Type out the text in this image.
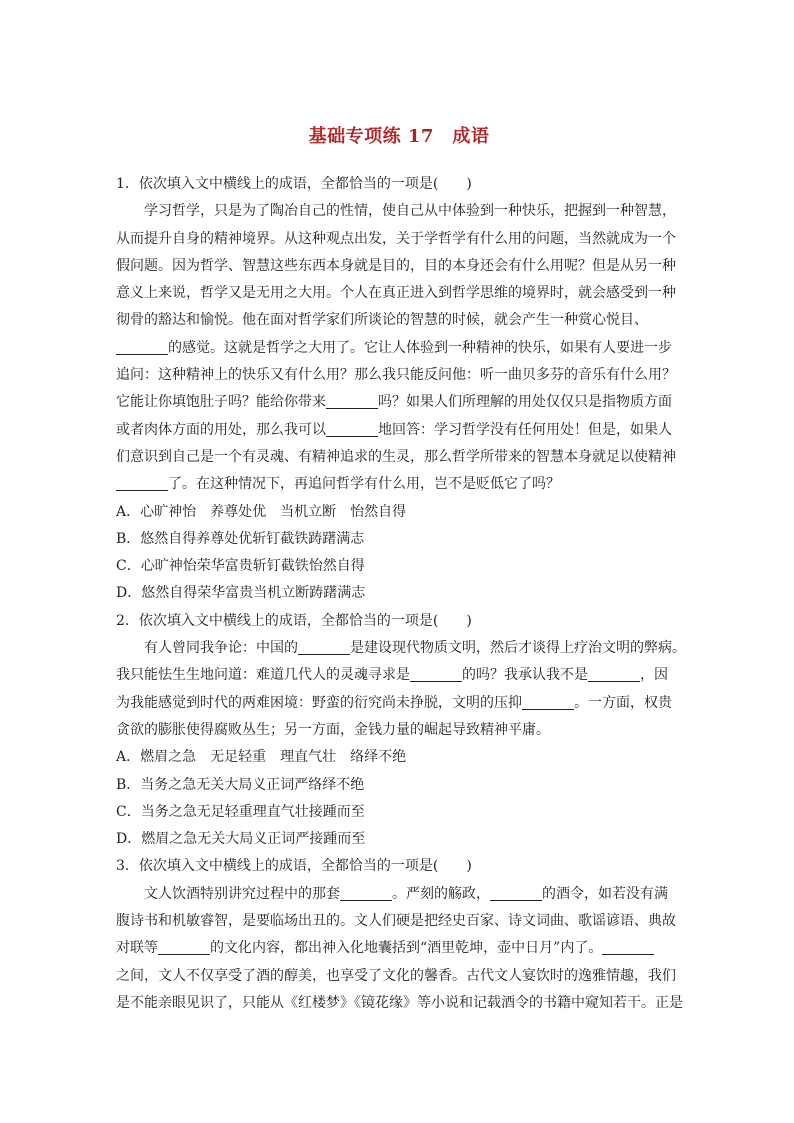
基础专项练 17　成语
1．依次填入文中横线上的成语，全都恰当的一项是( )
学习哲学，只是为了陶冶自己的性情，使自己从中体验到一种快乐，把握到一种智慧，
从而提升自身的精神境界。从这种观点出发，关于学哲学有什么用的问题，当然就成为一个
假问题。因为哲学、智慧这些东西本身就是目的，目的本身还会有什么用呢？但是从另一种
意义上来说，哲学又是无用之大用。个人在真正进入到哲学思维的境界时，就会感受到一种
彻骨的豁达和愉悦。他在面对哲学家们所谈论的智慧的时候，就会产生一种赏心悦目、
的感觉。这就是哲学之大用了。它让人体验到一种精神的快乐，如果有人要进一步
追问：这种精神上的快乐又有什么用？那么我只能反问他：听一曲贝多芬的音乐有什么用？
它能让你填饱肚子吗？能给你带来	吗？如果人们所理解的用处仅仅只是指物质方面
或者肉体方面的用处，那么我可以	地回答：学习哲学没有任何用处！但是，如果人
们意识到自己是一个有灵魂、有精神追求的生灵，那么哲学所带来的智慧本身就足以使精神
了。在这种情况下，再追问哲学有什么用，岂不是贬低它了吗？
A．心旷神怡　养尊处优　当机立断　怡然自得
B．悠然自得养尊处优斩钉截铁踌躇满志
C．心旷神怡荣华富贵斩钉截铁怡然自得
D．悠然自得荣华富贵当机立断踌躇满志
2．依次填入文中横线上的成语，全都恰当的一项是( )
有人曾同我争论：中国的	是建设现代物质文明，然后才谈得上疗治文明的弊病。
我只能怯生生地问道：难道几代人的灵魂寻求是	的吗？我承认我不是	，因
为我能感觉到时代的两难困境：野蛮的衍究尚未挣脱，文明的压抑	。一方面，权贵
贪欲的膨胀使得腐败丛生；另一方面，金钱力量的崛起导致精神平庸。
A．燃眉之急　无足轻重　理直气壮　络绎不绝
B．当务之急无关大局义正词严络绎不绝
C．当务之急无足轻重理直气壮接踵而至
D．燃眉之急无关大局义正词严接踵而至
3．依次填入文中横线上的成语，全都恰当的一项是( )
文人饮酒特别讲究过程中的那套	。严刻的觞政，	的酒令，如若没有满
腹诗书和机敏睿智，是要临场出丑的。文人们硬是把经史百家、诗文词曲、歌谣谚语、典故
对联等	的文化内容，都出神入化地囊括到“酒里乾坤，壶中日月”内了。
之间，文人不仅享受了酒的醇美，也享受了文化的馨香。古代文人宴饮时的逸雅情趣，我们
是不能亲眼见识了，只能从《红楼梦》《镜花缘》等小说和记载酒令的书籍中窥知若干。正是
